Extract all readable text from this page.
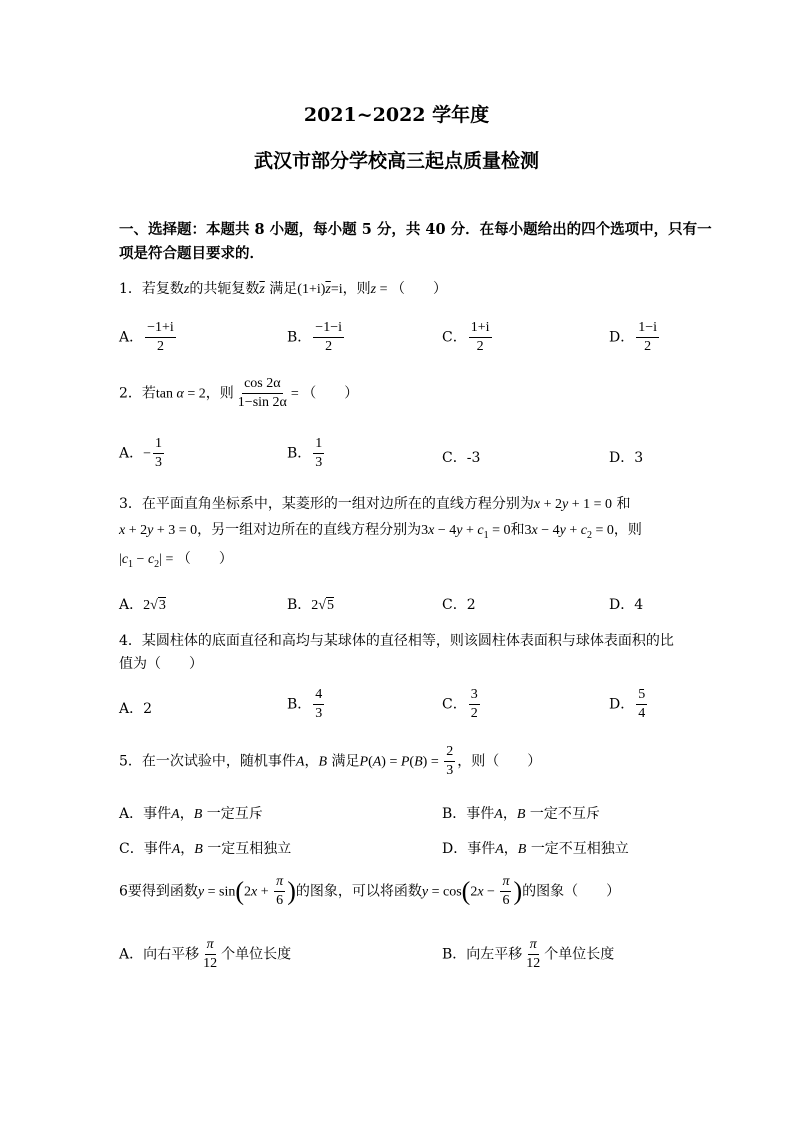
2021~2022 学年度
武汉市部分学校高三起点质量检测
一、选择题：本题共 8 小题，每小题 5 分，共 40 分．在每小题给出的四个选项中，只有一
项是符合题目要求的．
1．若复数z的共轭复数$\overline{z}$ 满足$(1+i)\overline{z}=i$，则z = （　　）
A． $\frac{-1+i}{2}$	B． $\frac{-1-i}{2}$	C． $\frac{1+i}{2}$	D． $\frac{1-i}{2}$
2．若tan α = 2，则 $\frac{\cos 2\alpha}{1-\sin 2\alpha}$ = （　　）
A．− $\frac{1}{3}$	B． $\frac{1}{3}$	C．-3	D．3
3．在平面直角坐标系中，某菱形的一组对边所在的直线方程分别为x + 2y + 1 = 0 和
x + 2y + 3 = 0，另一组对边所在的直线方程分别为$3x - 4y + c_1 = 0$和$3x - 4y + c_2 = 0$，则
$|c_1 - c_2|$ = （　　）
A．2√3	B．2√5	C．2	D．4
4．某圆柱体的底面直径和高均与某球体的直径相等，则该圆柱体表面积与球体表面积的比
值为（　　）
A．2	B． $\frac{4}{3}$	C． $\frac{3}{2}$	D． $\frac{5}{4}$
5．在一次试验中，随机事件A，B 满足$P(A) = P(B) = \frac{2}{3}$ ，则（　　）
A．事件A，B 一定互斥	B．事件A，B 一定不互斥
C．事件A，B 一定互相独立	D．事件A，B 一定不互相独立
6要得到函数$y = \sin(2x + \frac{\pi}{6}$ )的图象，可以将函数$y = \cos(2x - \frac{\pi}{6}$ )的图象（　　）
A．向右平移 $\frac{\pi}{12}$ 个单位长度	B．向左平移 $\frac{\pi}{12}$ 个单位长度
